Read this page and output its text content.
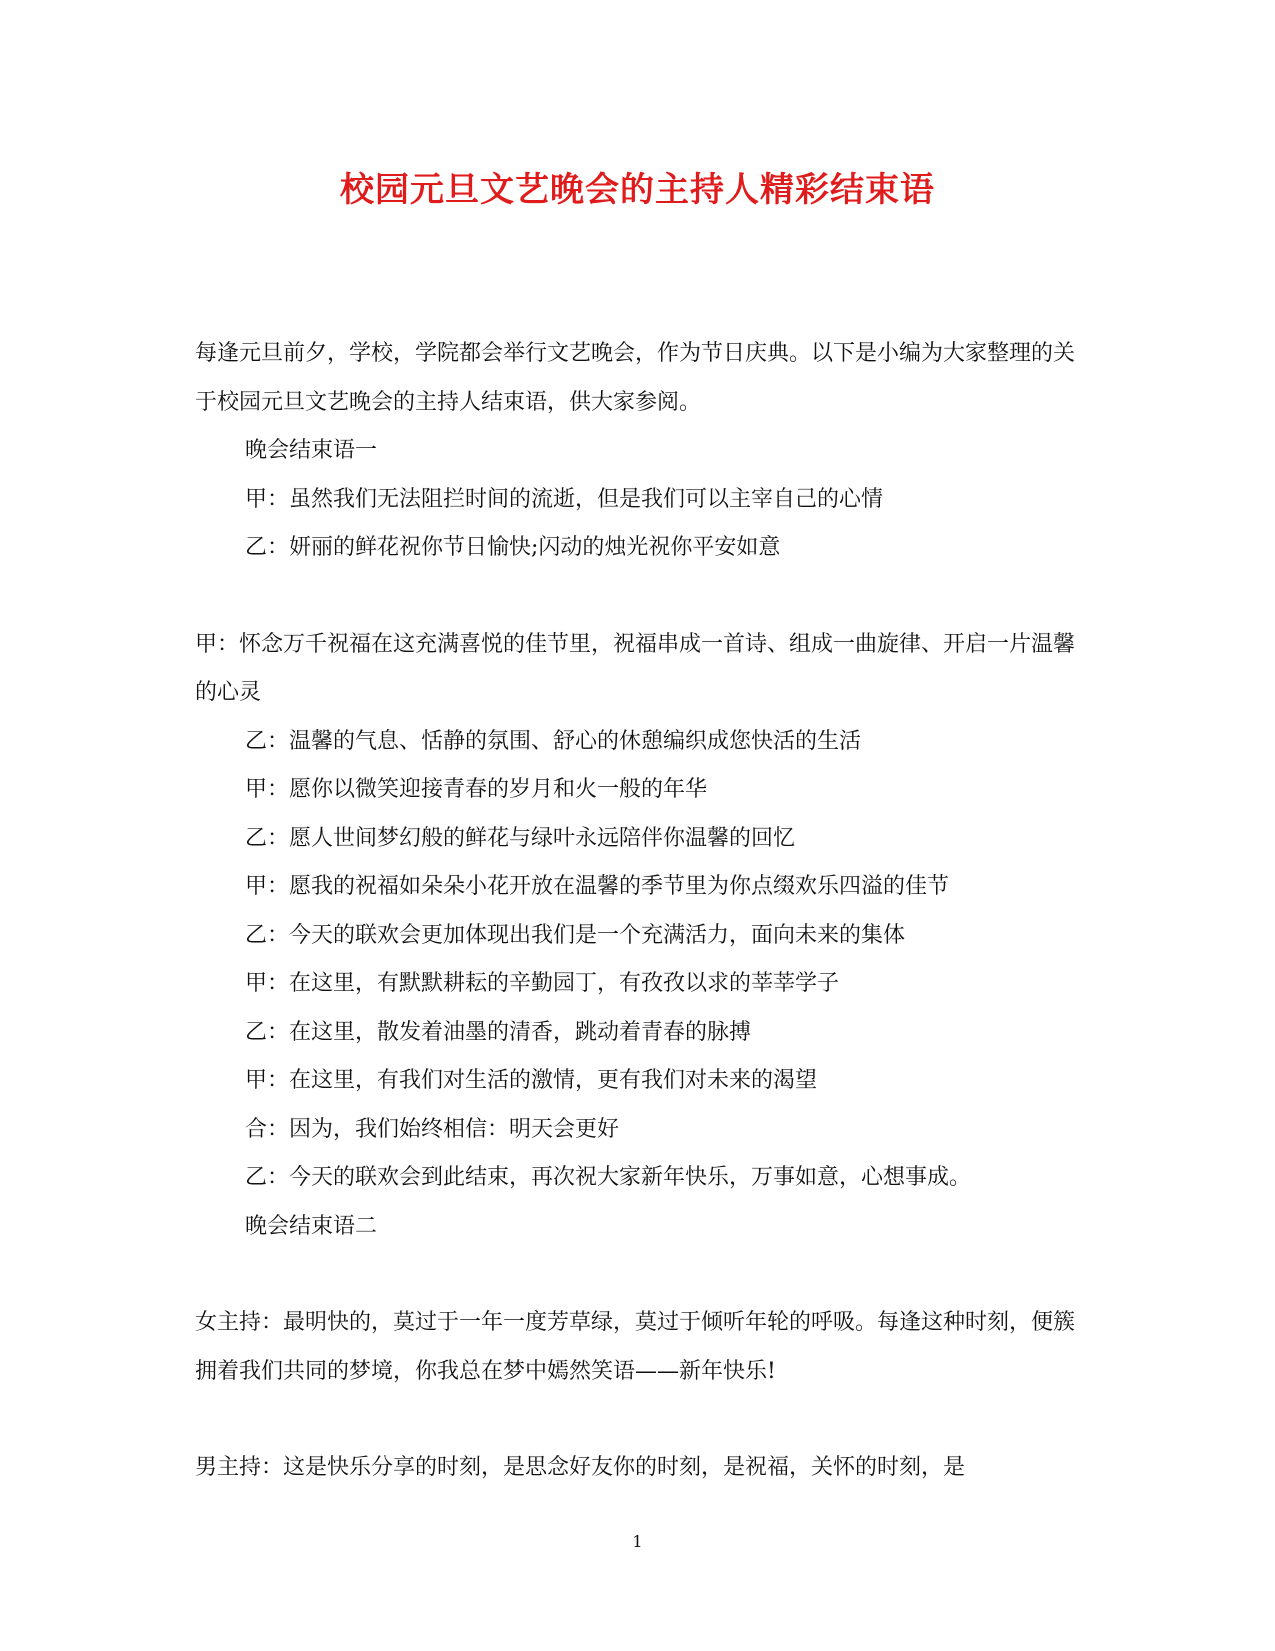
校园元旦文艺晚会的主持人精彩结束语

每逢元旦前夕，学校，学院都会举行文艺晚会，作为节日庆典。以下是小编为大家整理的关于校园元旦文艺晚会的主持人结束语，供大家参阅。

晚会结束语一

甲：虽然我们无法阻拦时间的流逝，但是我们可以主宰自己的心情

乙：妍丽的鲜花祝你节日愉快;闪动的烛光祝你平安如意

甲：怀念万千祝福在这充满喜悦的佳节里，祝福串成一首诗、组成一曲旋律、开启一片温馨的心灵

乙：温馨的气息、恬静的氛围、舒心的休憩编织成您快活的生活

甲：愿你以微笑迎接青春的岁月和火一般的年华

乙：愿人世间梦幻般的鲜花与绿叶永远陪伴你温馨的回忆

甲：愿我的祝福如朵朵小花开放在温馨的季节里为你点缀欢乐四溢的佳节

乙：今天的联欢会更加体现出我们是一个充满活力，面向未来的集体

甲：在这里，有默默耕耘的辛勤园丁，有孜孜以求的莘莘学子

乙：在这里，散发着油墨的清香，跳动着青春的脉搏

甲：在这里，有我们对生活的激情，更有我们对未来的渴望

合：因为，我们始终相信：明天会更好

乙：今天的联欢会到此结束，再次祝大家新年快乐，万事如意，心想事成。

晚会结束语二

女主持：最明快的，莫过于一年一度芳草绿，莫过于倾听年轮的呼吸。每逢这种时刻，便簇拥着我们共同的梦境，你我总在梦中嫣然笑语——新年快乐!

男主持：这是快乐分享的时刻，是思念好友你的时刻，是祝福，关怀的时刻，是

1
